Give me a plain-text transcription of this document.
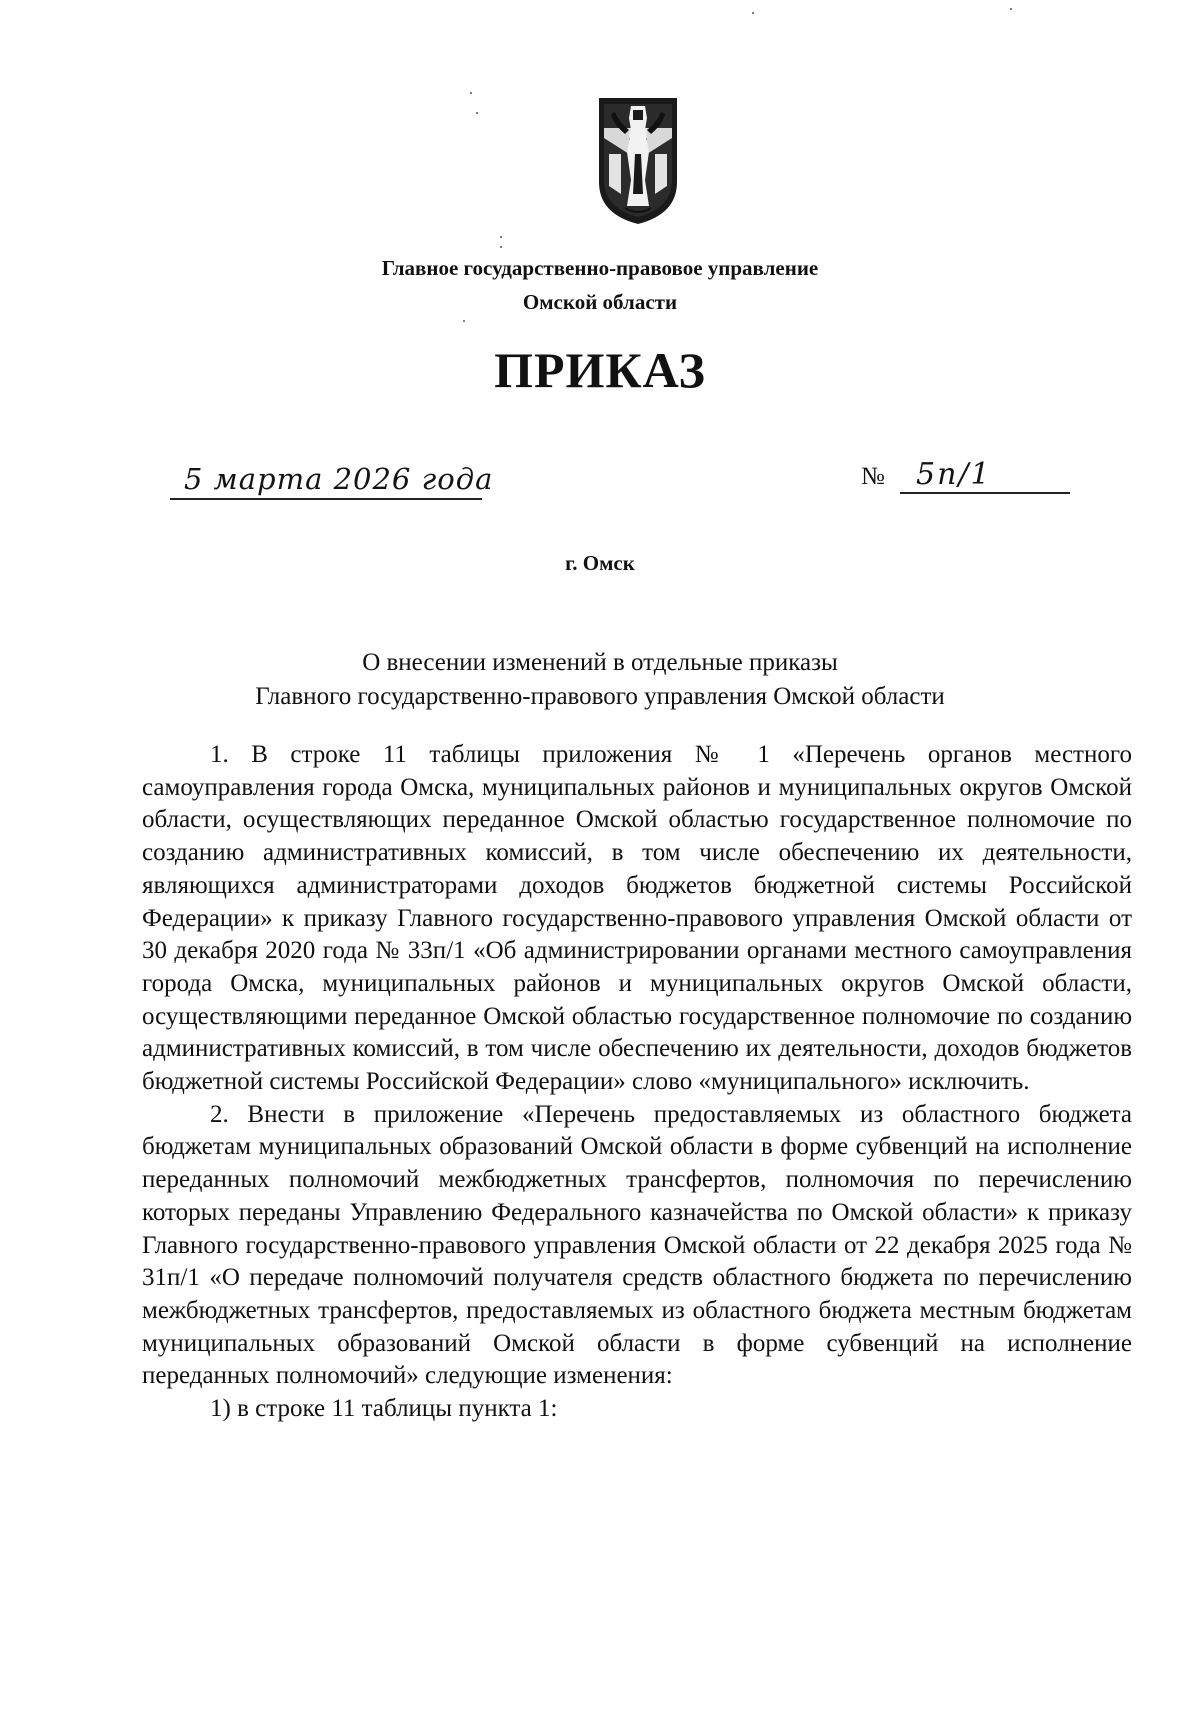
Главное государственно-правовое управление
Омской области
ПРИКАЗ
5 марта 2026 года	№ 5п/1
г. Омск
О внесении изменений в отдельные приказы
Главного государственно-правового управления Омской области

1. В строке 11 таблицы приложения № 1 «Перечень органов местного самоуправления города Омска, муниципальных районов и муниципальных округов Омской области, осуществляющих переданное Омской областью государственное полномочие по созданию административных комиссий, в том числе обеспечению их деятельности, являющихся администраторами доходов бюджетов бюджетной системы Российской Федерации» к приказу Главного государственно-правового управления Омской области от 30 декабря 2020 года № 33п/1 «Об администрировании органами местного самоуправления города Омска, муниципальных районов и муниципальных округов Омской области, осуществляющими переданное Омской областью государственное полномочие по созданию административных комиссий, в том числе обеспечению их деятельности, доходов бюджетов бюджетной системы Российской Федерации» слово «муниципального» исключить.

2. Внести в приложение «Перечень предоставляемых из областного бюджета бюджетам муниципальных образований Омской области в форме субвенций на исполнение переданных полномочий межбюджетных трансфертов, полномочия по перечислению которых переданы Управлению Федерального казначейства по Омской области» к приказу Главного государственно-правового управления Омской области от 22 декабря 2025 года № 31п/1 «О передаче полномочий получателя средств областного бюджета по перечислению межбюджетных трансфертов, предоставляемых из областного бюджета местным бюджетам муниципальных образований Омской области в форме субвенций на исполнение переданных полномочий» следующие изменения:

1) в строке 11 таблицы пункта 1:
